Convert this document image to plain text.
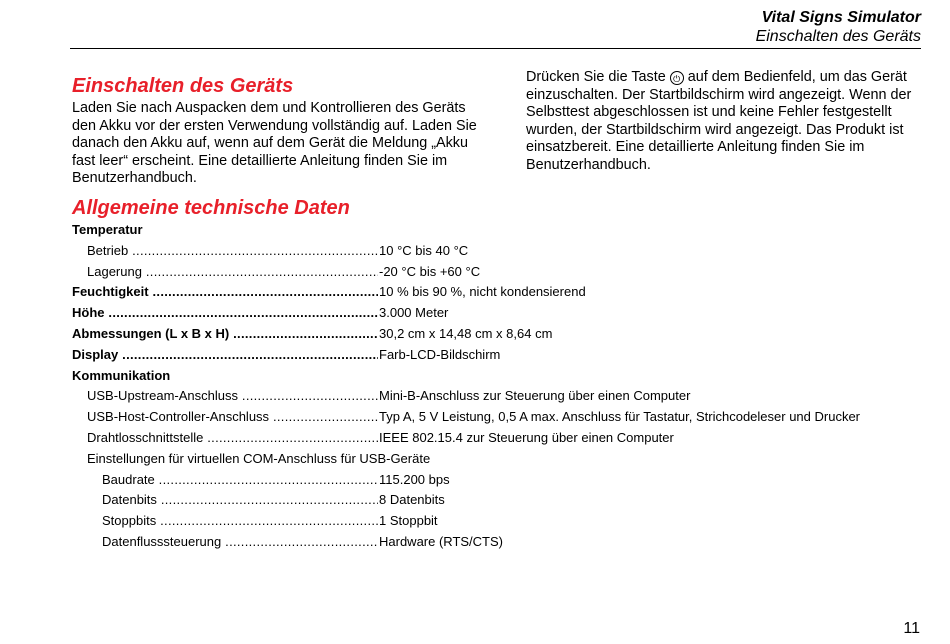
Vital Signs Simulator
Einschalten des Geräts
Einschalten des Geräts

Laden Sie nach Auspacken dem und Kontrollieren des Geräts den Akku vor der ersten Verwendung vollständig auf. Laden Sie danach den Akku auf, wenn auf dem Gerät die Meldung „Akku fast leer“ erscheint. Eine detaillierte Anleitung finden Sie im Benutzerhandbuch.

Drücken Sie die Taste ⏻ auf dem Bedienfeld, um das Gerät einzuschalten. Der Startbildschirm wird angezeigt. Wenn der Selbsttest abgeschlossen ist und keine Fehler festgestellt wurden, der Startbildschirm wird angezeigt. Das Produkt ist einsatzbereit. Eine detaillierte Anleitung finden Sie im Benutzerhandbuch.

Allgemeine technische Daten
Temperatur
Betrieb .....	10 °C bis 40 °C
Lagerung .....	-20 °C bis +60 °C
Feuchtigkeit .....	10 % bis 90 %, nicht kondensierend
Höhe .....	3.000 Meter
Abmessungen (L x B x H) .....	30,2 cm x 14,48 cm x 8,64 cm
Display .....	Farb-LCD-Bildschirm
Kommunikation
USB-Upstream-Anschluss .....	Mini-B-Anschluss zur Steuerung über einen Computer
USB-Host-Controller-Anschluss .....	Typ A, 5 V Leistung, 0,5 A max. Anschluss für Tastatur, Strichcodeleser und Drucker
Drahtlosschnittstelle .....	IEEE 802.15.4 zur Steuerung über einen Computer
Einstellungen für virtuellen COM-Anschluss für USB-Geräte
Baudrate .....	115.200 bps
Datenbits .....	8 Datenbits
Stoppbits .....	1 Stoppbit
Datenflusssteuerung .....	Hardware (RTS/CTS)
11
